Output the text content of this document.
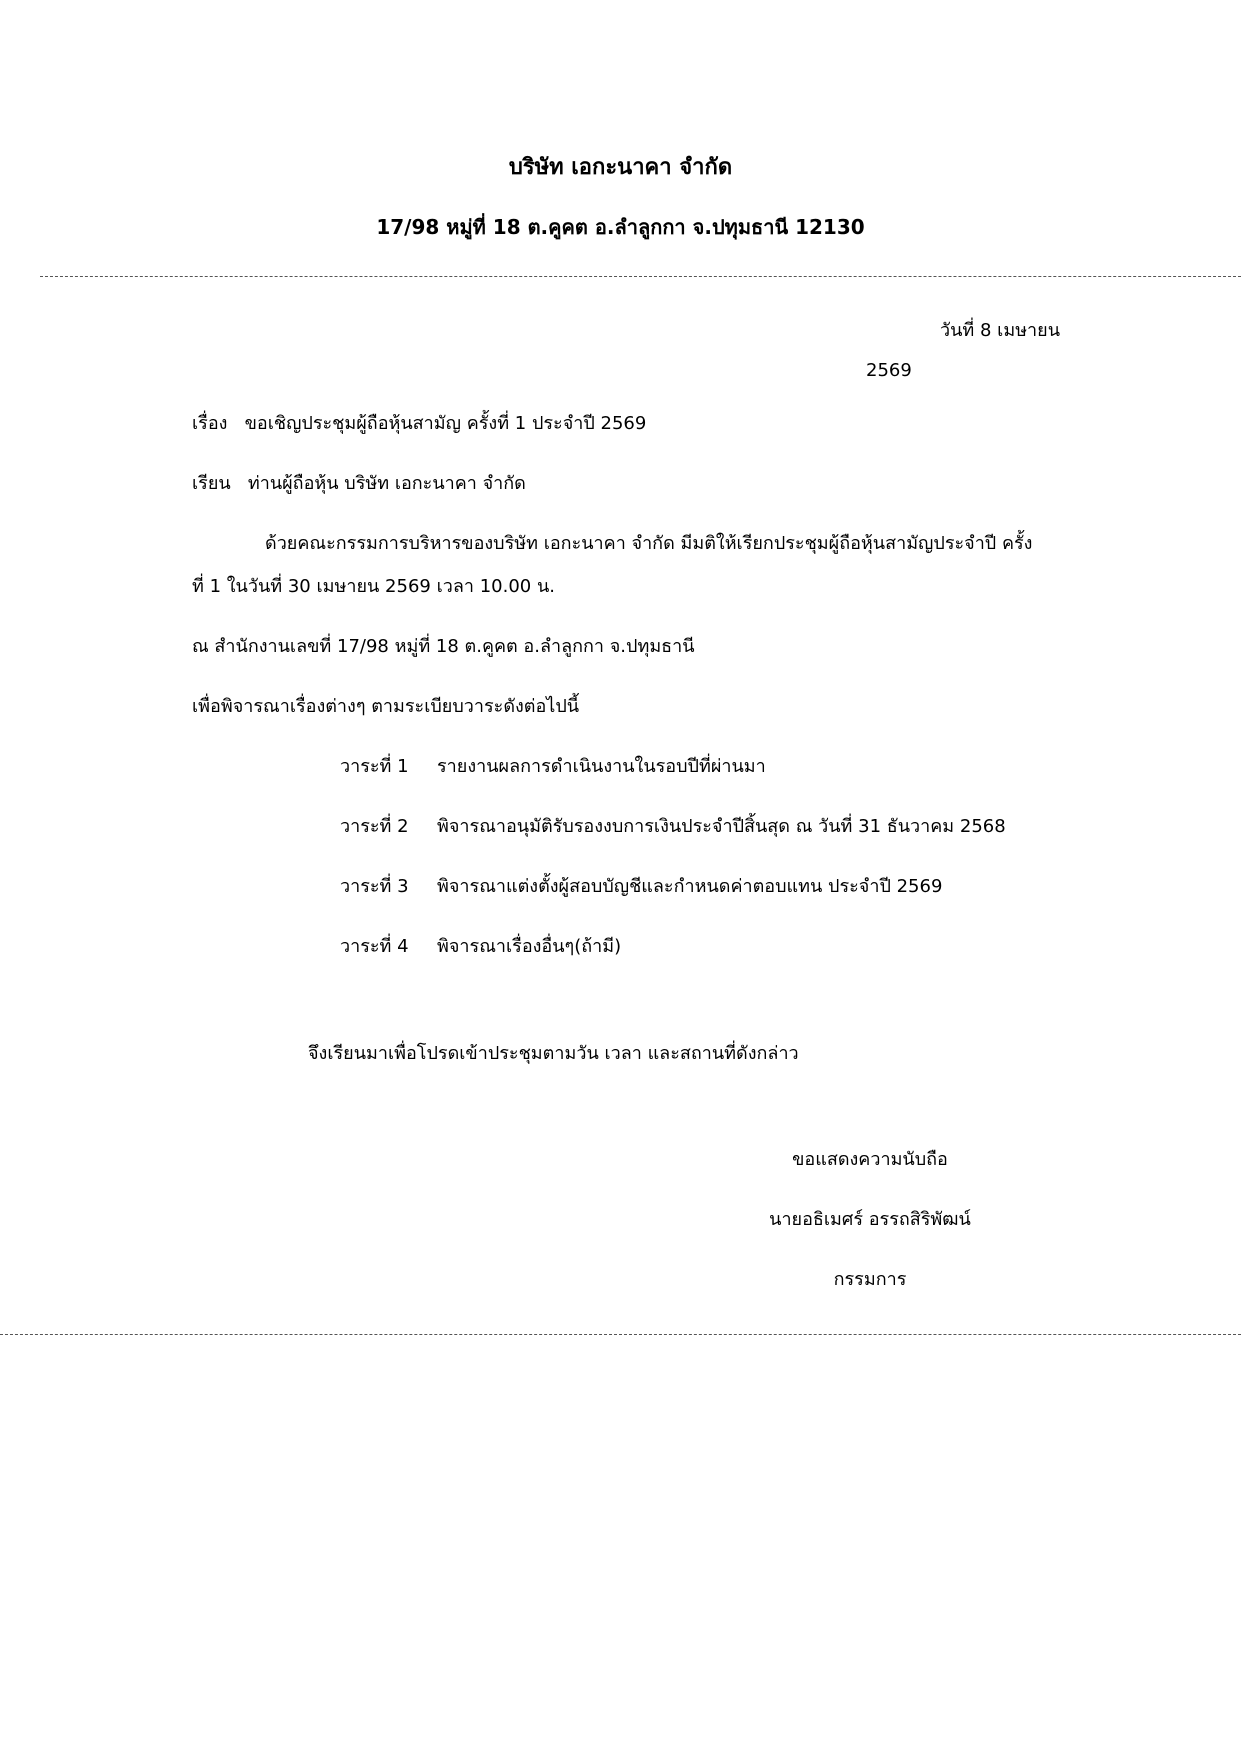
บริษัท เอกะนาคา จำกัด
17/98 หมู่ที่ 18 ต.คูคต อ.ลำลูกกา จ.ปทุมธานี 12130
วันที่ 8 เมษายน
2569
เรื่อง ขอเชิญประชุมผู้ถือหุ้นสามัญ ครั้งที่ 1 ประจำปี 2569
เรียน ท่านผู้ถือหุ้น บริษัท เอกะนาคา จำกัด
ด้วยคณะกรรมการบริหารของบริษัท เอกะนาคา จำกัด มีมติให้เรียกประชุมผู้ถือหุ้นสามัญประจำปี ครั้ง
ที่ 1 ในวันที่ 30 เมษายน 2569 เวลา 10.00 น.
ณ สำนักงานเลขที่ 17/98 หมู่ที่ 18 ต.คูคต อ.ลำลูกกา จ.ปทุมธานี
เพื่อพิจารณาเรื่องต่างๆ ตามระเบียบวาระดังต่อไปนี้
วาระที่ 1	รายงานผลการดำเนินงานในรอบปีที่ผ่านมา
วาระที่ 2	พิจารณาอนุมัติรับรองงบการเงินประจำปีสิ้นสุด ณ วันที่ 31 ธันวาคม 2568
วาระที่ 3	พิจารณาแต่งตั้งผู้สอบบัญชีและกำหนดค่าตอบแทน ประจำปี 2569
วาระที่ 4	พิจารณาเรื่องอื่นๆ(ถ้ามี)
จึงเรียนมาเพื่อโปรดเข้าประชุมตามวัน เวลา และสถานที่ดังกล่าว
ขอแสดงความนับถือ
นายอธิเมศร์ อรรถสิริพัฒน์
กรรมการ
